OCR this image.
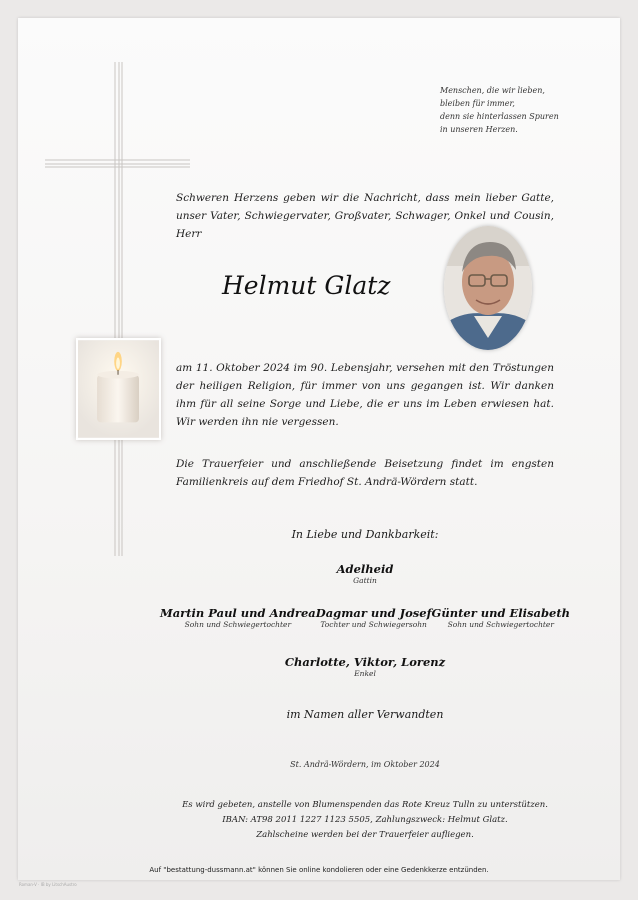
Menschen, die wir lieben,
bleiben für immer,
denn sie hinterlassen Spuren
in unseren Herzen.

Schweren Herzens geben wir die Nachricht, dass mein lieber Gatte, unser Vater, Schwiegervater, Großvater, Schwager, Onkel und Cousin, Herr

Helmut Glatz

am 11. Oktober 2024 im 90. Lebensjahr, versehen mit den Tröstungen der heiligen Religion, für immer von uns gegangen ist. Wir danken ihm für all seine Sorge und Liebe, die er uns im Leben erwiesen hat. Wir werden ihn nie vergessen.

Die Trauerfeier und anschließende Beisetzung findet im engsten Familienkreis auf dem Friedhof St. Andrä-Wördern statt.

In Liebe und Dankbarkeit:
Adelheid
Gattin
Martin Paul und Andrea
Sohn und Schwiegertochter
Dagmar und Josef
Tochter und Schwiegersohn
Günter und Elisabeth
Sohn und Schwiegertochter
Charlotte, Viktor, Lorenz
Enkel
im Namen aller Verwandten
St. Andrä-Wördern, im Oktober 2024
Es wird gebeten, anstelle von Blumenspenden das Rote Kreuz Tulln zu unterstützen.
IBAN: AT98 2011 1227 1123 5505, Zahlungszweck: Helmut Glatz.
Zahlscheine werden bei der Trauerfeier aufliegen.
Auf "bestattung-dussmann.at" können Sie online kondolieren oder eine Gedenkkerze entzünden.
Roman-V · IB by LitschAustro
